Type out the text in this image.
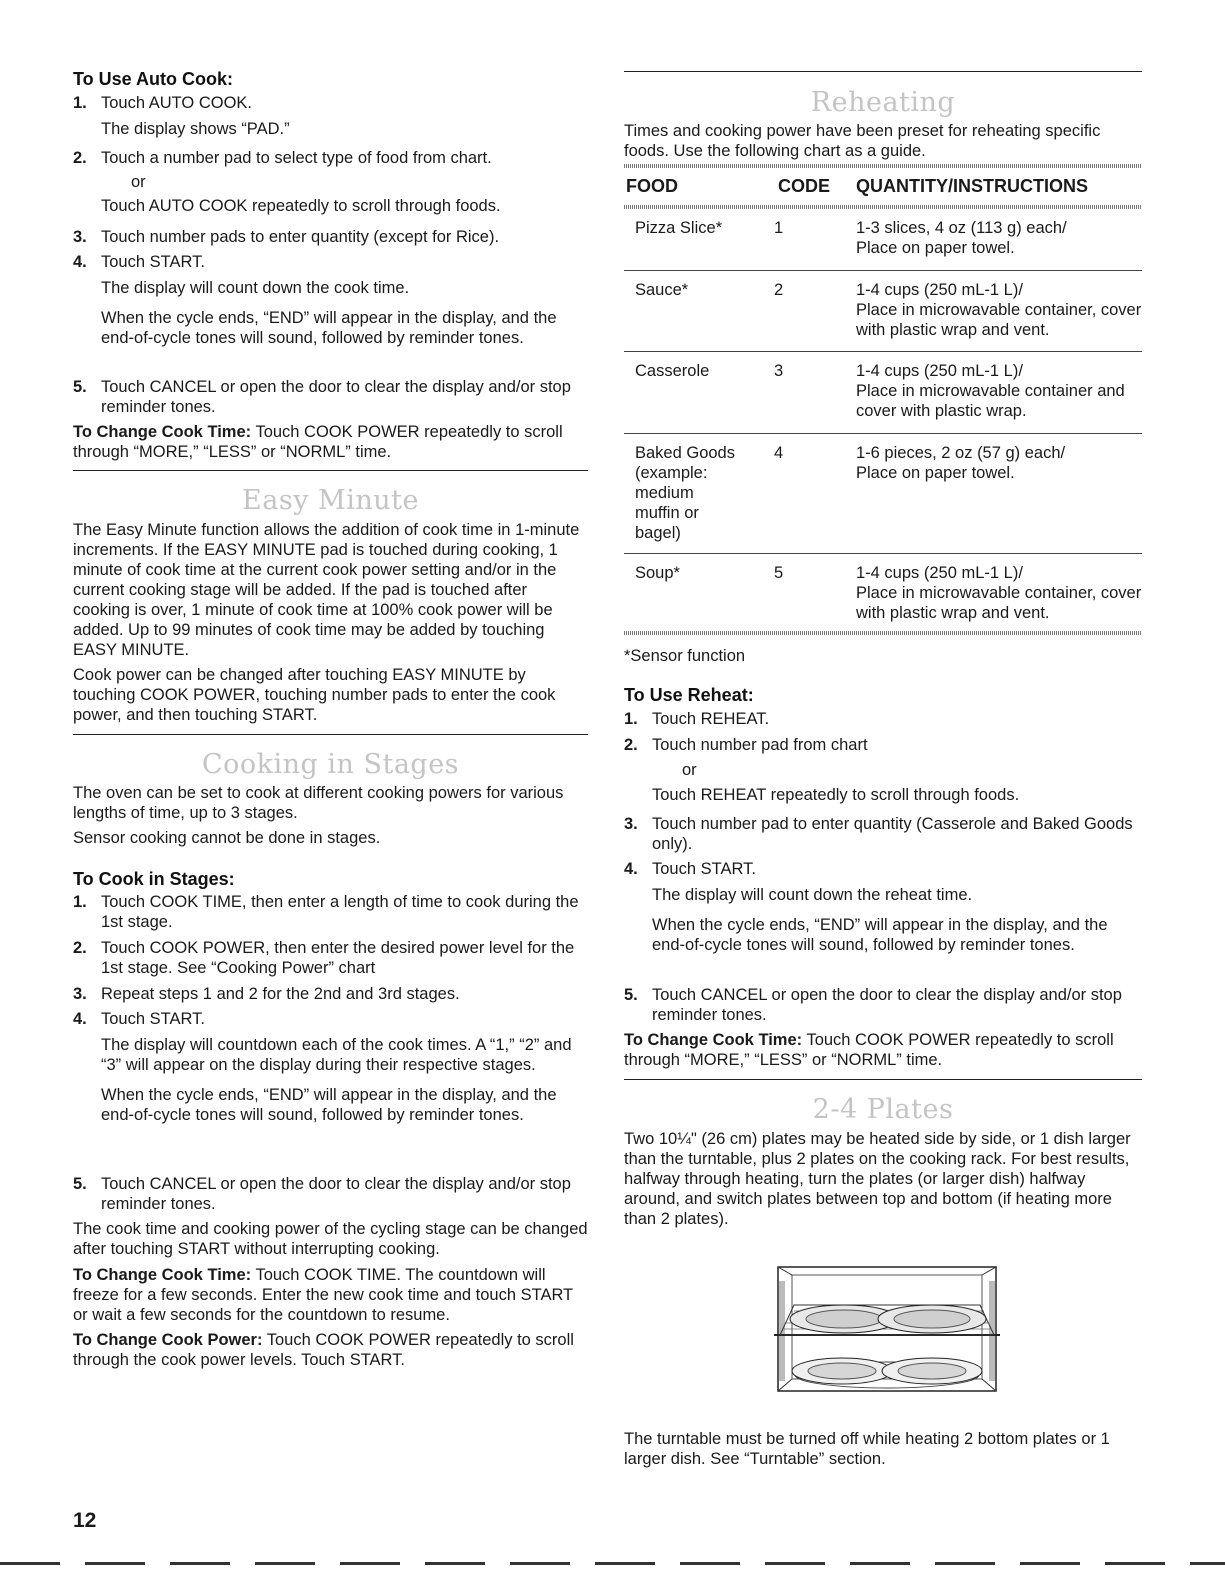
To Use Auto Cook:
1. Touch AUTO COOK.
The display shows “PAD.”
2. Touch a number pad to select type of food from chart.
or
Touch AUTO COOK repeatedly to scroll through foods.
3. Touch number pads to enter quantity (except for Rice).
4. Touch START.
The display will count down the cook time.
When the cycle ends, “END” will appear in the display, and the end-of-cycle tones will sound, followed by reminder tones.
5. Touch CANCEL or open the door to clear the display and/or stop reminder tones.
To Change Cook Time: Touch COOK POWER repeatedly to scroll through “MORE,” “LESS” or “NORML” time.
Easy Minute
The Easy Minute function allows the addition of cook time in 1-minute increments. If the EASY MINUTE pad is touched during cooking, 1 minute of cook time at the current cook power setting and/or in the current cooking stage will be added. If the pad is touched after cooking is over, 1 minute of cook time at 100% cook power will be added. Up to 99 minutes of cook time may be added by touching EASY MINUTE.
Cook power can be changed after touching EASY MINUTE by touching COOK POWER, touching number pads to enter the cook power, and then touching START.
Cooking in Stages
The oven can be set to cook at different cooking powers for various lengths of time, up to 3 stages.
Sensor cooking cannot be done in stages.
To Cook in Stages:
1. Touch COOK TIME, then enter a length of time to cook during the 1st stage.
2. Touch COOK POWER, then enter the desired power level for the 1st stage. See “Cooking Power” chart
3. Repeat steps 1 and 2 for the 2nd and 3rd stages.
4. Touch START.
The display will countdown each of the cook times. A “1,” “2” and “3” will appear on the display during their respective stages.
When the cycle ends, “END” will appear in the display, and the end-of-cycle tones will sound, followed by reminder tones.
5. Touch CANCEL or open the door to clear the display and/or stop reminder tones.
The cook time and cooking power of the cycling stage can be changed after touching START without interrupting cooking.
To Change Cook Time: Touch COOK TIME. The countdown will freeze for a few seconds. Enter the new cook time and touch START or wait a few seconds for the countdown to resume.
To Change Cook Power: Touch COOK POWER repeatedly to scroll through the cook power levels. Touch START.
Reheating
Times and cooking power have been preset for reheating specific foods. Use the following chart as a guide.
FOOD	CODE QUANTITY/INSTRUCTIONS
Pizza Slice*	1	1-3 slices, 4 oz (113 g) each/
Place on paper towel.
Sauce*	2	1-4 cups (250 mL-1 L)/
Place in microwavable container, cover with plastic wrap and vent.
Casserole	3	1-4 cups (250 mL-1 L)/
Place in microwavable container and cover with plastic wrap.
Baked Goods
(example:
medium
muffin or
bagel)
4	1-6 pieces, 2 oz (57 g) each/
Place on paper towel.
Soup*	5	1-4 cups (250 mL-1 L)/
Place in microwavable container, cover with plastic wrap and vent.
*Sensor function
To Use Reheat:
1. Touch REHEAT.
2. Touch number pad from chart
or
Touch REHEAT repeatedly to scroll through foods.
3. Touch number pad to enter quantity (Casserole and Baked Goods only).
4. Touch START.
The display will count down the reheat time.
When the cycle ends, “END” will appear in the display, and the end-of-cycle tones will sound, followed by reminder tones.
5. Touch CANCEL or open the door to clear the display and/or stop reminder tones.
To Change Cook Time: Touch COOK POWER repeatedly to scroll through “MORE,” “LESS” or “NORML” time.
2-4 Plates
Two 10¼" (26 cm) plates may be heated side by side, or 1 dish larger than the turntable, plus 2 plates on the cooking rack. For best results, halfway through heating, turn the plates (or larger dish) halfway around, and switch plates between top and bottom (if heating more than 2 plates).
The turntable must be turned off while heating 2 bottom plates or 1 larger dish. See “Turntable” section.
12
